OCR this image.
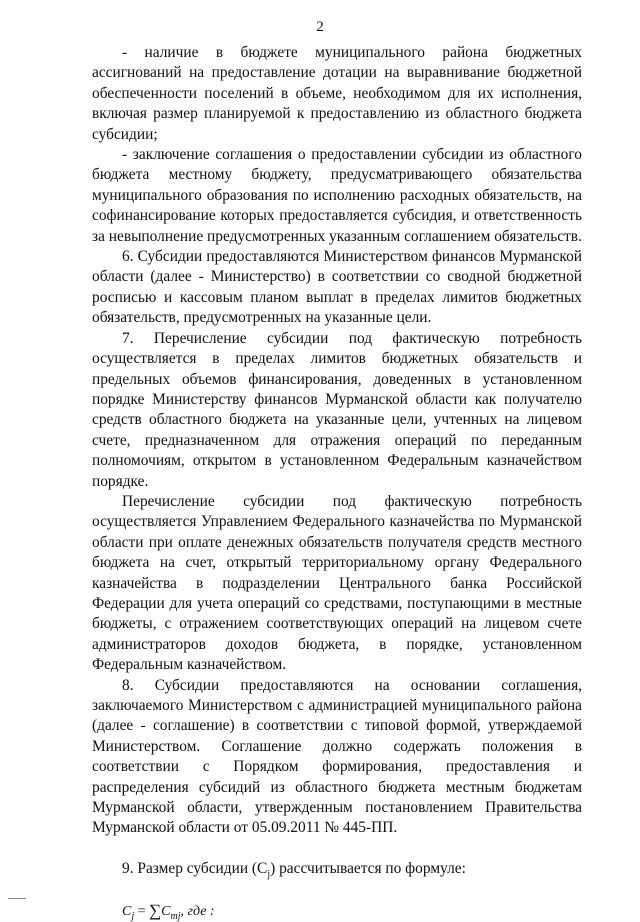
2

- наличие в бюджете муниципального района бюджетных ассигнований на предоставление дотации на выравнивание бюджетной обеспеченности поселений в объеме, необходимом для их исполнения, включая размер планируемой к предоставлению из областного бюджета субсидии;

- заключение соглашения о предоставлении субсидии из областного бюджета местному бюджету, предусматривающего обязательства муниципального образования по исполнению расходных обязательств, на софинансирование которых предоставляется субсидия, и ответственность за невыполнение предусмотренных указанным соглашением обязательств.

6. Субсидии предоставляются Министерством финансов Мурманской области (далее - Министерство) в соответствии со сводной бюджетной росписью и кассовым планом выплат в пределах лимитов бюджетных обязательств, предусмотренных на указанные цели.

7. Перечисление субсидии под фактическую потребность осуществляется в пределах лимитов бюджетных обязательств и предельных объемов финансирования, доведенных в установленном порядке Министерству финансов Мурманской области как получателю средств областного бюджета на указанные цели, учтенных на лицевом счете, предназначенном для отражения операций по переданным полномочиям, открытом в установленном Федеральным казначейством порядке.

Перечисление субсидии под фактическую потребность осуществляется Управлением Федерального казначейства по Мурманской области при оплате денежных обязательств получателя средств местного бюджета на счет, открытый территориальному органу Федерального казначейства в подразделении Центрального банка Российской Федерации для учета операций со средствами, поступающими в местные бюджеты, с отражением соответствующих операций на лицевом счете администраторов доходов бюджета, в порядке, установленном Федеральным казначейством.

8. Субсидии предоставляются на основании соглашения, заключаемого Министерством с администрацией муниципального района (далее - соглашение) в соответствии с типовой формой, утверждаемой Министерством. Соглашение должно содержать положения в соответствии с Порядком формирования, предоставления и распределения субсидий из областного бюджета местным бюджетам Мурманской области, утвержденным постановлением Правительства Мурманской области от 05.09.2011 № 445-ПП.

9. Размер субсидии $(C_j)$ рассчитывается по формуле:

$C_j = \sum C_{mj}$, где :
